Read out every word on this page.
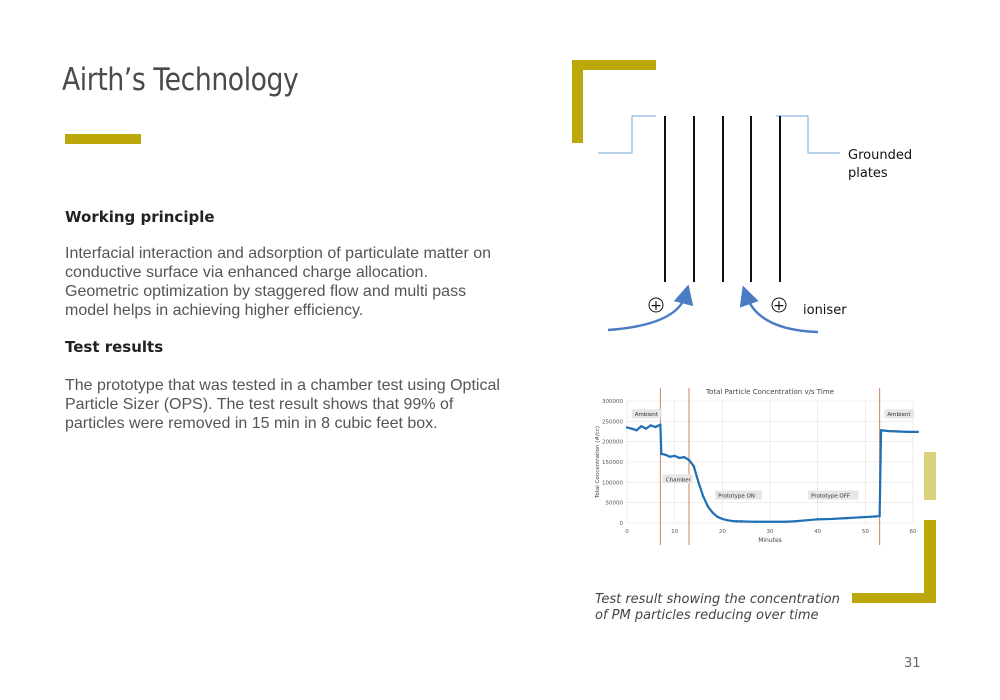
Airth’s Technology
Working principle
Interfacial interaction and adsorption of particulate matter on conductive surface via enhanced charge allocation. Geometric optimization by staggered flow and multi pass model helps in achieving higher efficiency.
Test results
The prototype that was tested in a chamber test using Optical Particle Sizer (OPS). The test result shows that 99% of particles were removed in 15 min in 8 cubic feet box.
+	+
Grounded
plates
ioniser
Total Particle Concentration v/s Time
0
50000
100000
150000
200000
250000
300000
0	10	20	30	40	50	60
Minutes
Total Concentration (#/cc)
Ambient
Chamber
Prototype ON	Prototype OFF
Ambient
Test result showing the concentration
of PM particles reducing over time
31
